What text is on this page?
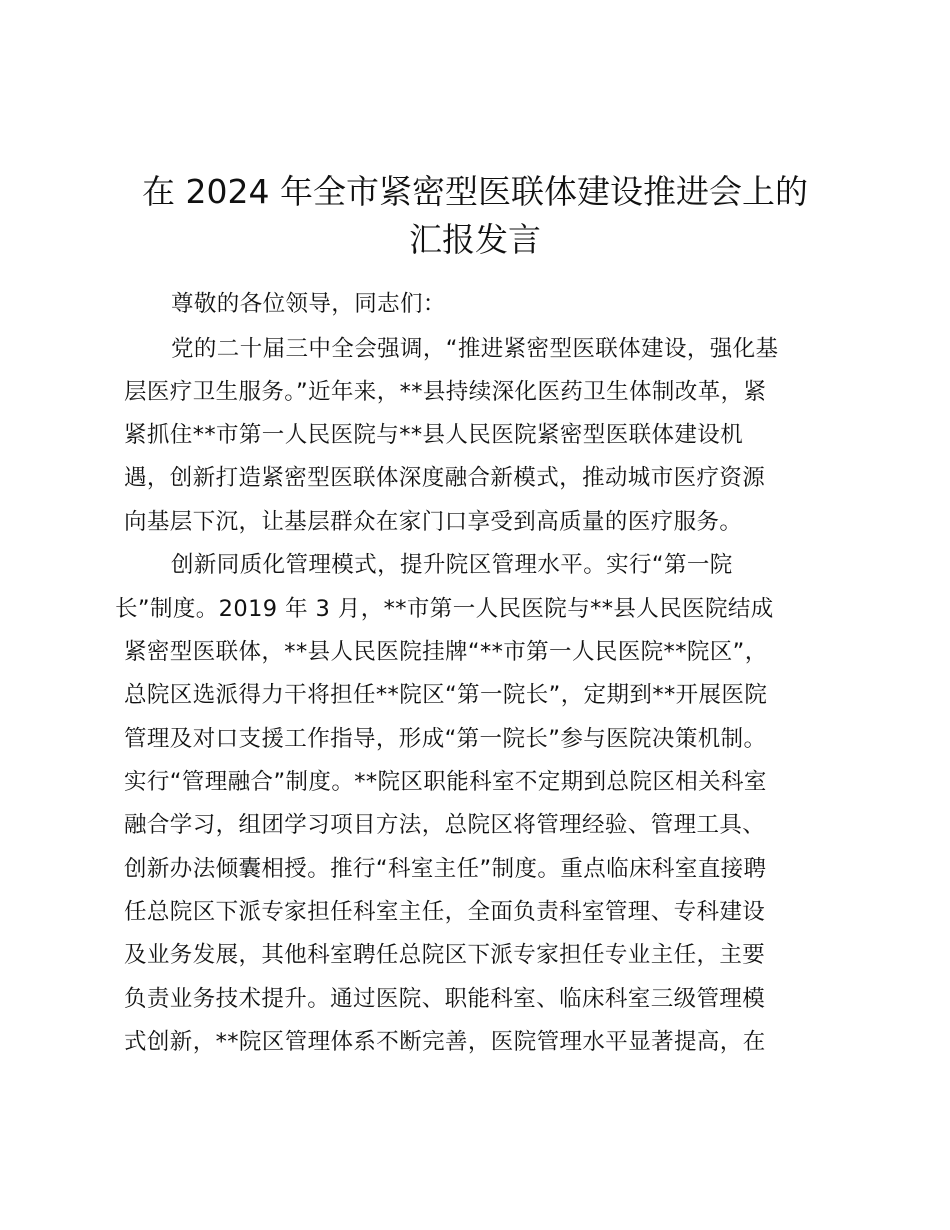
在 2024 年全市紧密型医联体建设推进会上的
汇报发言
尊敬的各位领导，同志们：
党的二十届三中全会强调，“推进紧密型医联体建设，强化基
层医疗卫生服务。”近年来，**县持续深化医药卫生体制改革，紧
紧抓住**市第一人民医院与**县人民医院紧密型医联体建设机
遇，创新打造紧密型医联体深度融合新模式，推动城市医疗资源
向基层下沉，让基层群众在家门口享受到高质量的医疗服务。
创新同质化管理模式，提升院区管理水平。实行“第一院
长”制度。2019 年 3 月，**市第一人民医院与**县人民医院结成
紧密型医联体，**县人民医院挂牌“**市第一人民医院**院区”，
总院区选派得力干将担任**院区“第一院长”，定期到**开展医院
管理及对口支援工作指导，形成“第一院长”参与医院决策机制。
实行“管理融合”制度。**院区职能科室不定期到总院区相关科室
融合学习，组团学习项目方法，总院区将管理经验、管理工具、
创新办法倾囊相授。推行“科室主任”制度。重点临床科室直接聘
任总院区下派专家担任科室主任，全面负责科室管理、专科建设
及业务发展，其他科室聘任总院区下派专家担任专业主任，主要
负责业务技术提升。通过医院、职能科室、临床科室三级管理模
式创新，**院区管理体系不断完善，医院管理水平显著提高，在
